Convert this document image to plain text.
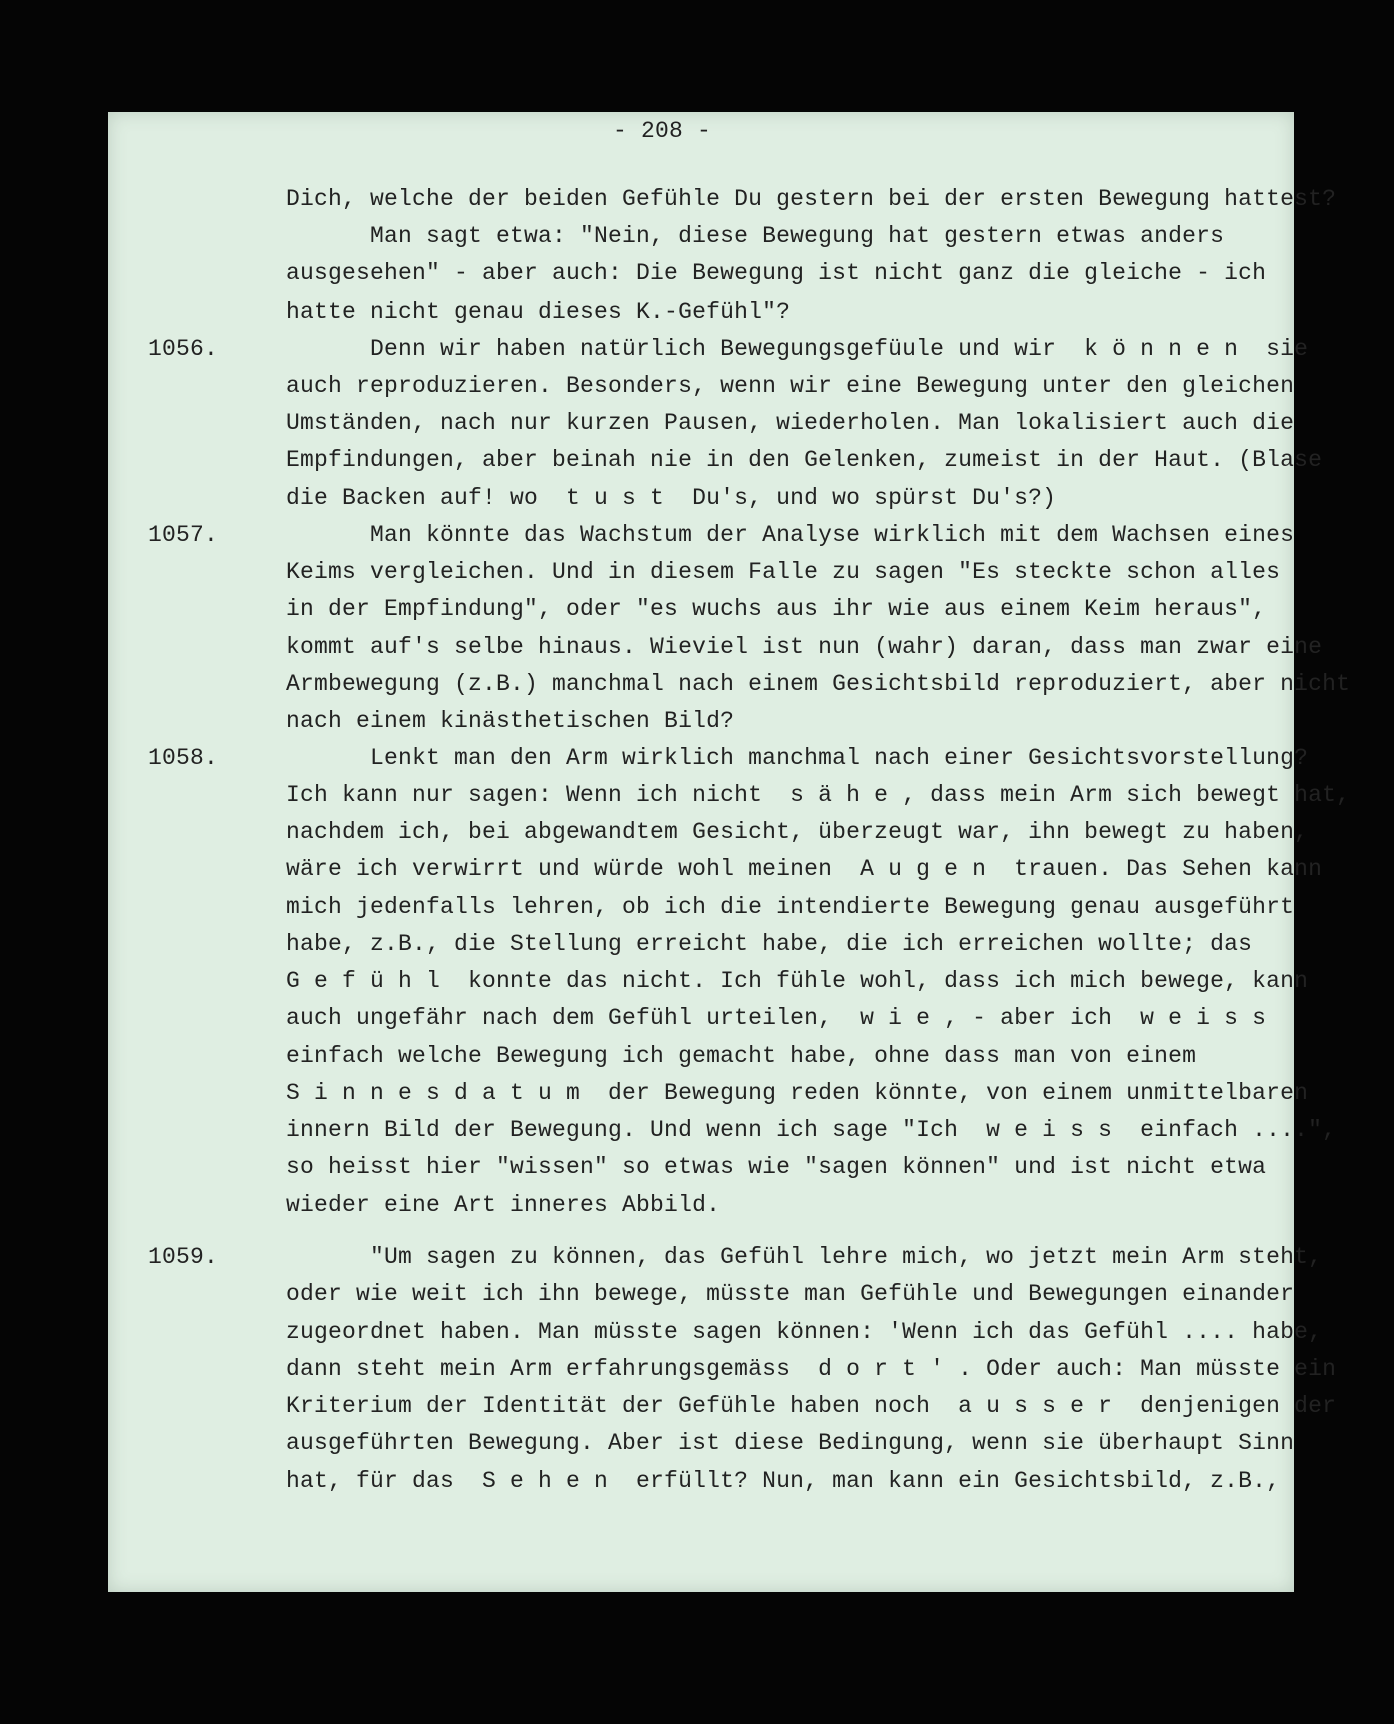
- 208 -
1056.
1057.
1058.
1059.
Dich, welche der beiden Gefühle Du gestern bei der ersten Bewegung hattest?
Man sagt etwa: "Nein, diese Bewegung hat gestern etwas anders
ausgesehen" - aber auch: Die Bewegung ist nicht ganz die gleiche - ich
hatte nicht genau dieses K.-Gefühl"?
Denn wir haben natürlich Bewegungsgefüule und wir  k ö n n e n  sie
auch reproduzieren. Besonders, wenn wir eine Bewegung unter den gleichen
Umständen, nach nur kurzen Pausen, wiederholen. Man lokalisiert auch die
Empfindungen, aber beinah nie in den Gelenken, zumeist in der Haut. (Blase
die Backen auf! wo  t u s t  Du's, und wo spürst Du's?)
Man könnte das Wachstum der Analyse wirklich mit dem Wachsen eines
Keims vergleichen. Und in diesem Falle zu sagen "Es steckte schon alles
in der Empfindung", oder "es wuchs aus ihr wie aus einem Keim heraus",
kommt auf's selbe hinaus. Wieviel ist nun (wahr) daran, dass man zwar eine
Armbewegung (z.B.) manchmal nach einem Gesichtsbild reproduziert, aber nicht
nach einem kinästhetischen Bild?
Lenkt man den Arm wirklich manchmal nach einer Gesichtsvorstellung?
Ich kann nur sagen: Wenn ich nicht  s ä h e , dass mein Arm sich bewegt hat,
nachdem ich, bei abgewandtem Gesicht, überzeugt war, ihn bewegt zu haben,
wäre ich verwirrt und würde wohl meinen  A u g e n  trauen. Das Sehen kann
mich jedenfalls lehren, ob ich die intendierte Bewegung genau ausgeführt
habe, z.B., die Stellung erreicht habe, die ich erreichen wollte; das
G e f ü h l  konnte das nicht. Ich fühle wohl, dass ich mich bewege, kann
auch ungefähr nach dem Gefühl urteilen,  w i e , - aber ich  w e i s s
einfach welche Bewegung ich gemacht habe, ohne dass man von einem
S i n n e s d a t u m  der Bewegung reden könnte, von einem unmittelbaren
innern Bild der Bewegung. Und wenn ich sage "Ich  w e i s s  einfach ....",
so heisst hier "wissen" so etwas wie "sagen können" und ist nicht etwa
wieder eine Art inneres Abbild.
"Um sagen zu können, das Gefühl lehre mich, wo jetzt mein Arm steht,
oder wie weit ich ihn bewege, müsste man Gefühle und Bewegungen einander
zugeordnet haben. Man müsste sagen können: 'Wenn ich das Gefühl .... habe,
dann steht mein Arm erfahrungsgemäss  d o r t ' . Oder auch: Man müsste ein
Kriterium der Identität der Gefühle haben noch  a u s s e r  denjenigen der
ausgeführten Bewegung. Aber ist diese Bedingung, wenn sie überhaupt Sinn
hat, für das  S e h e n  erfüllt? Nun, man kann ein Gesichtsbild, z.B.,
